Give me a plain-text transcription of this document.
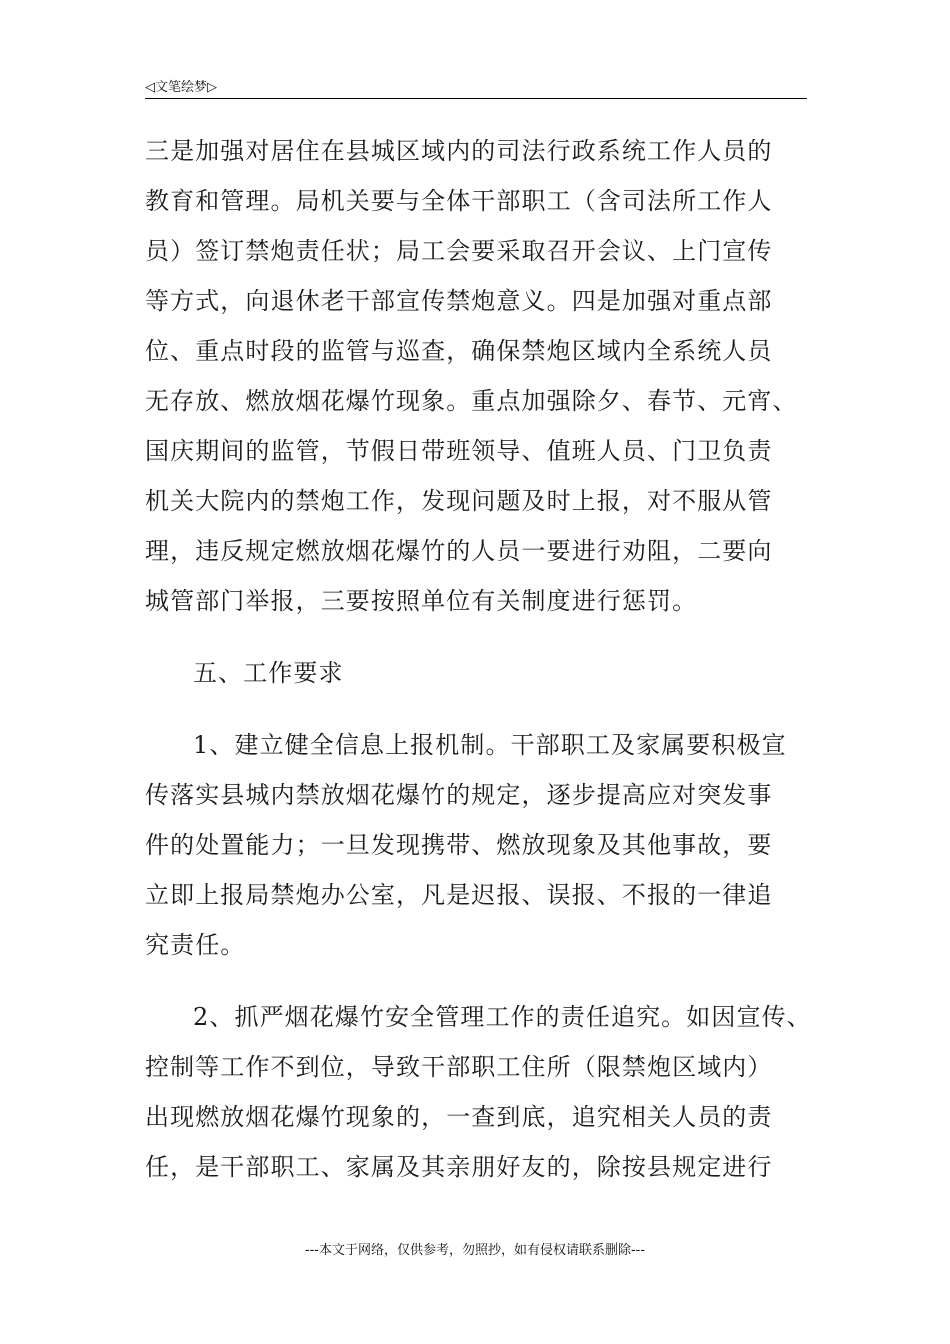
◁文笔绘梦▷

三是加强对居住在县城区域内的司法行政系统工作人员的
教育和管理。局机关要与全体干部职工（含司法所工作人
员）签订禁炮责任状；局工会要采取召开会议、上门宣传
等方式，向退休老干部宣传禁炮意义。四是加强对重点部
位、重点时段的监管与巡查，确保禁炮区域内全系统人员
无存放、燃放烟花爆竹现象。重点加强除夕、春节、元宵、
国庆期间的监管，节假日带班领导、值班人员、门卫负责
机关大院内的禁炮工作，发现问题及时上报，对不服从管
理，违反规定燃放烟花爆竹的人员一要进行劝阻，二要向
城管部门举报，三要按照单位有关制度进行惩罚。

五、工作要求

1、建立健全信息上报机制。干部职工及家属要积极宣
传落实县城内禁放烟花爆竹的规定，逐步提高应对突发事
件的处置能力；一旦发现携带、燃放现象及其他事故，要
立即上报局禁炮办公室，凡是迟报、误报、不报的一律追
究责任。

2、抓严烟花爆竹安全管理工作的责任追究。如因宣传、
控制等工作不到位，导致干部职工住所（限禁炮区域内）
出现燃放烟花爆竹现象的，一查到底，追究相关人员的责
任，是干部职工、家属及其亲朋好友的，除按县规定进行

---本文于网络，仅供参考，勿照抄，如有侵权请联系删除---
